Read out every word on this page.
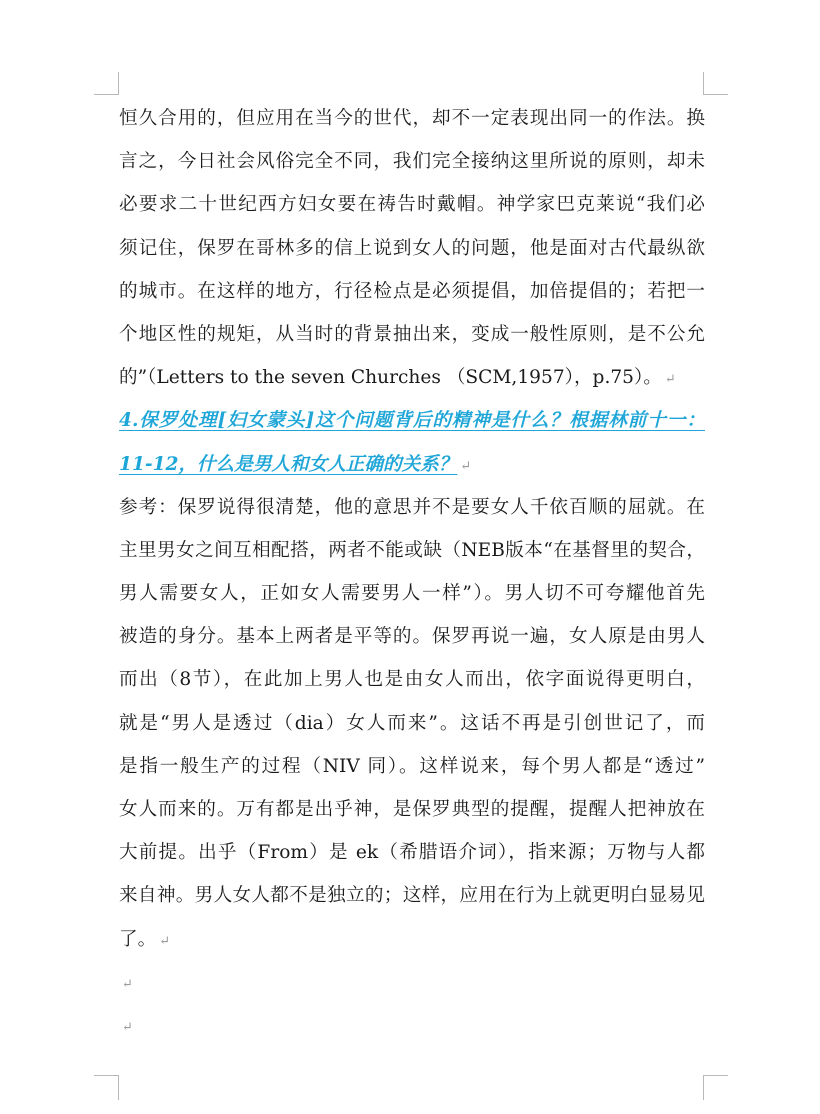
恒久合用的，但应用在当今的世代，却不一定表现出同一的作法。换
言之，今日社会风俗完全不同，我们完全接纳这里所说的原则，却未
必要求二十世纪西方妇女要在祷告时戴帽。神学家巴克莱说“我们必
须记住，保罗在哥林多的信上说到女人的问题，他是面对古代最纵欲
的城市。在这样的地方，行径检点是必须提倡，加倍提倡的；若把一
个地区性的规矩，从当时的背景抽出来，变成一般性原则，是不公允
的”（Letters to the seven Churches （SCM,1957），p.75）。 ↵
4.保罗处理[妇女蒙头]这个问题背后的精神是什么？根据林前十一：
11-12，什么是男人和女人正确的关系？ ↵
参考：保罗说得很清楚，他的意思并不是要女人千依百顺的屈就。在
主里男女之间互相配搭，两者不能或缺（NEB版本“在基督里的契合，
男人需要女人，正如女人需要男人一样”）。男人切不可夸耀他首先
被造的身分。基本上两者是平等的。保罗再说一遍，女人原是由男人
而出（8节），在此加上男人也是由女人而出，依字面说得更明白，
就是“男人是透过（dia）女人而来”。这话不再是引创世记了，而
是指一般生产的过程（NIV 同）。这样说来，每个男人都是“透过”
女人而来的。万有都是出乎神，是保罗典型的提醒，提醒人把神放在
大前提。出乎（From）是 ek（希腊语介词），指来源；万物与人都
来自神。男人女人都不是独立的；这样，应用在行为上就更明白显易见
了。 ↵
↵
↵
